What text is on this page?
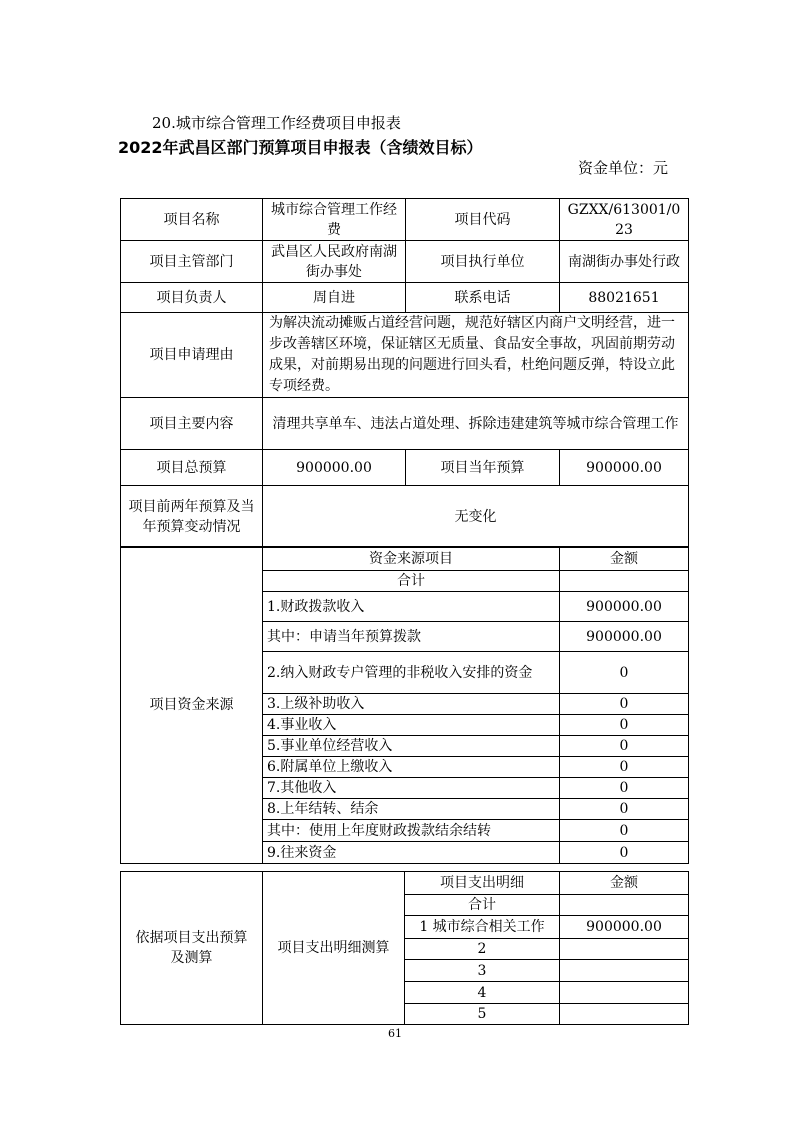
20.城市综合管理工作经费项目申报表
2022年武昌区部门预算项目申报表（含绩效目标）
资金单位：元
项目名称	城市综合管理工作经费	项目代码	GZXX/613001/023
项目主管部门	武昌区人民政府南湖街办事处	项目执行单位	南湖街办事处行政
项目负责人	周自进	联系电话	88021651
项目申请理由	为解决流动摊贩占道经营问题，规范好辖区内商户文明经营，进一步改善辖区环境，保证辖区无质量、食品安全事故，巩固前期劳动成果，对前期易出现的问题进行回头看，杜绝问题反弹，特设立此专项经费。		
项目主要内容	清理共享单车、违法占道处理、拆除违建建筑等城市综合管理工作		
项目总预算	900000.00	项目当年预算	900000.00
项目前两年预算及当年预算变动情况	无变化		
项目资金来源	资金来源项目	金额
	合计	
	1.财政拨款收入	900000.00
	其中：申请当年预算拨款	900000.00
	2.纳入财政专户管理的非税收入安排的资金	0
	3.上级补助收入	0
	4.事业收入	0
	5.事业单位经营收入	0
	6.附属单位上缴收入	0
	7.其他收入	0
	8.上年结转、结余	0
	其中：使用上年度财政拨款结余结转	0
	9.往来资金	0
依据项目支出预算及测算	项目支出明细测算	项目支出明细	金额
		合计	
		1 城市综合相关工作	900000.00
		2	
		3	
		4	
		5	
61
